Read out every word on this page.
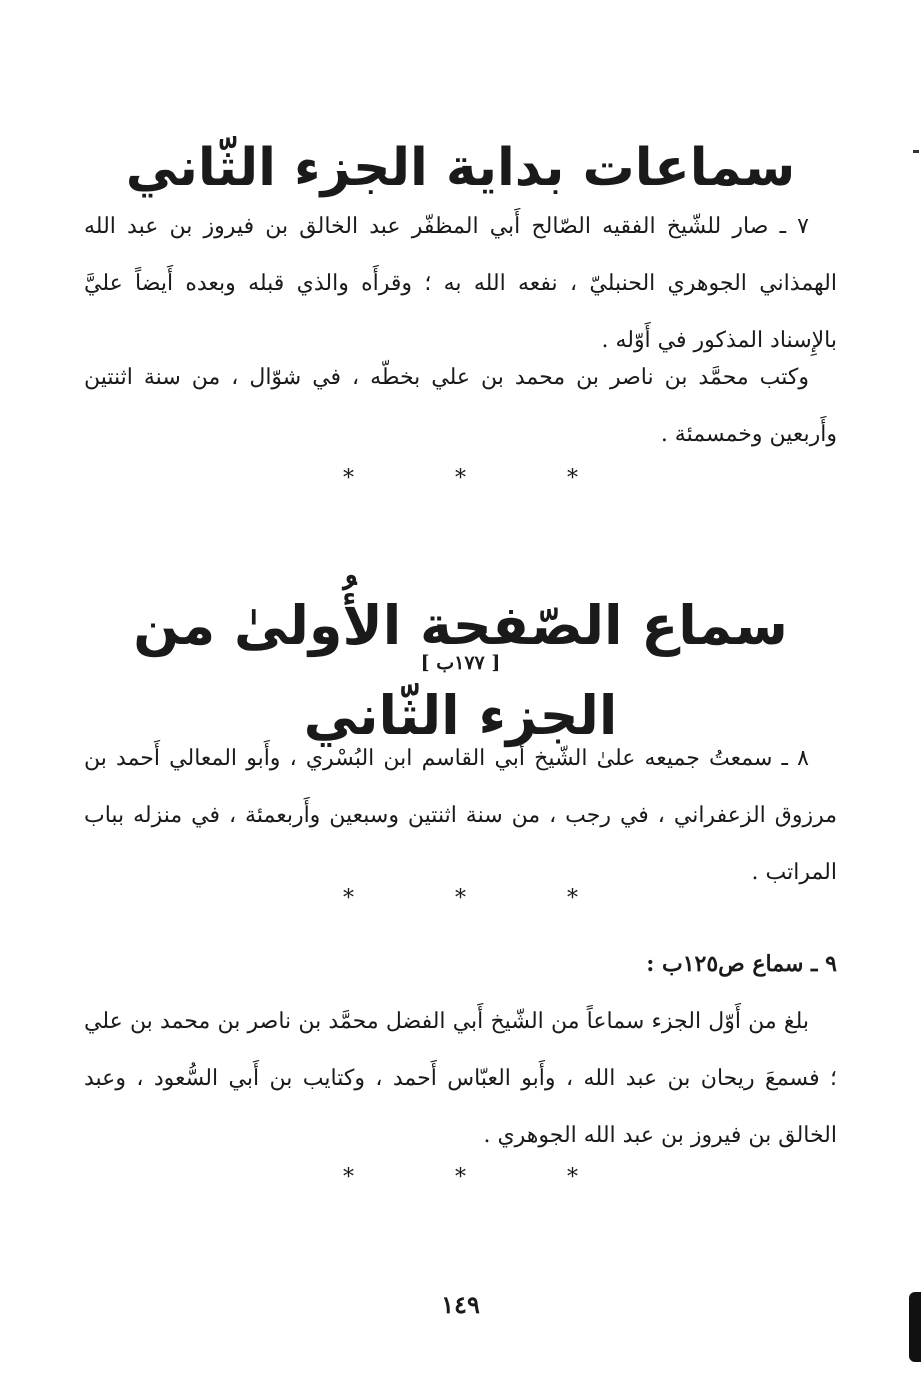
سماعات بداية الجزء الثّاني

٧ ـ صار للشّيخ الفقيه الصّالح أَبي المظفّر عبد الخالق بن فيروز بن عبد الله الهمذاني الجوهري الحنبليّ ، نفعه الله به ؛ وقرأَه والذي قبله وبعده أَيضاً عليَّ بالإِسناد المذكور في أَوّله .

وكتب محمَّد بن ناصر بن محمد بن علي بخطّه ، في شوّال ، من سنة اثنتين وأَربعين وخمسمئة .

*	*	*
سماع الصّفحة الأُولىٰ من الجزء الثّاني
[ ١٧٧ب ]

٨ ـ سمعتُ جميعه علىٰ الشّيخ أَبي القاسم ابن البُسْري ، وأَبو المعالي أَحمد بن مرزوق الزعفراني ، في رجب ، من سنة اثنتين وسبعين وأَربعمئة ، في منزله بباب المراتب .

*	*	*

٩ ـ سماع ص١٢٥ب :

بلغ من أَوّل الجزء سماعاً من الشّيخ أَبي الفضل محمَّد بن ناصر بن محمد بن علي ؛ فسمعَ ريحان بن عبد الله ، وأَبو العبّاس أَحمد ، وكتايب بن أَبي السُّعود ، وعبد الخالق بن فيروز بن عبد الله الجوهري .

*	*	*
١٤٩
